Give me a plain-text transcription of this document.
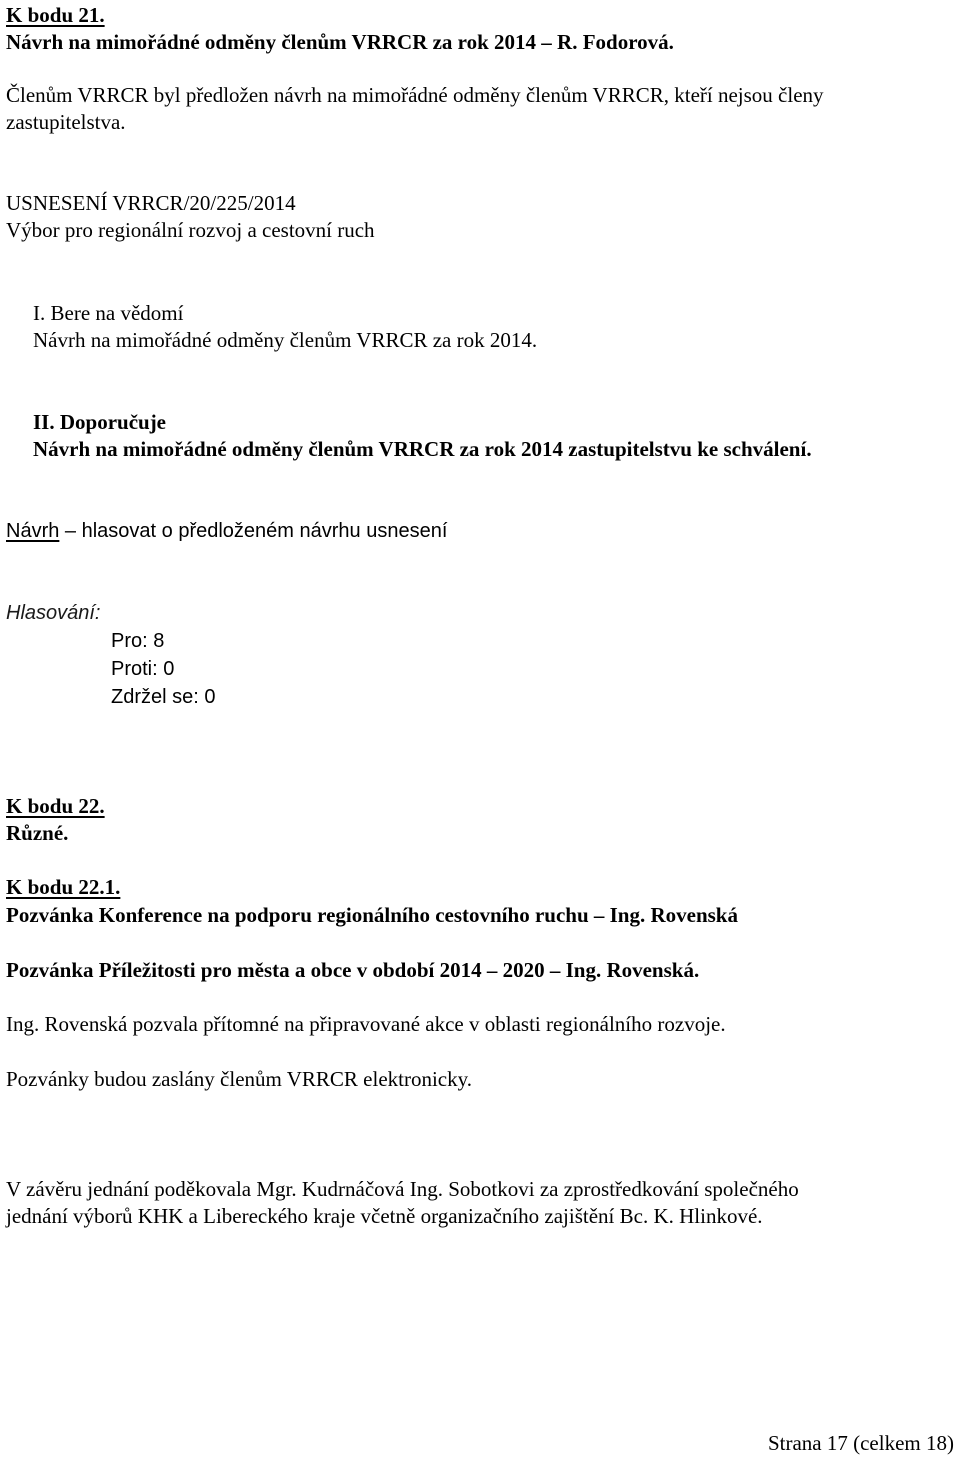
K bodu 21.
Návrh na mimořádné odměny členům VRRCR za rok 2014 – R. Fodorová.
Členům VRRCR byl předložen návrh na mimořádné odměny členům VRRCR, kteří nejsou členy
zastupitelstva.
USNESENÍ VRRCR/20/225/2014
Výbor pro regionální rozvoj a cestovní ruch
I. Bere na vědomí
Návrh na mimořádné odměny členům VRRCR za rok 2014.
II. Doporučuje
Návrh na mimořádné odměny členům VRRCR za rok 2014 zastupitelstvu ke schválení.
Návrh – hlasovat o předloženém návrhu usnesení
Hlasování:
Pro: 8
Proti: 0
Zdržel se: 0
K bodu 22.
Různé.
K bodu 22.1.
Pozvánka Konference na podporu regionálního cestovního ruchu – Ing. Rovenská
Pozvánka Příležitosti pro města a obce v období 2014 – 2020 – Ing. Rovenská.
Ing. Rovenská pozvala přítomné na připravované akce v oblasti regionálního rozvoje.
Pozvánky budou zaslány členům VRRCR elektronicky.
V závěru jednání poděkovala Mgr. Kudrnáčová Ing. Sobotkovi za zprostředkování společného
jednání výborů KHK a Libereckého kraje včetně organizačního zajištění Bc. K. Hlinkové.
Strana 17 (celkem 18)
